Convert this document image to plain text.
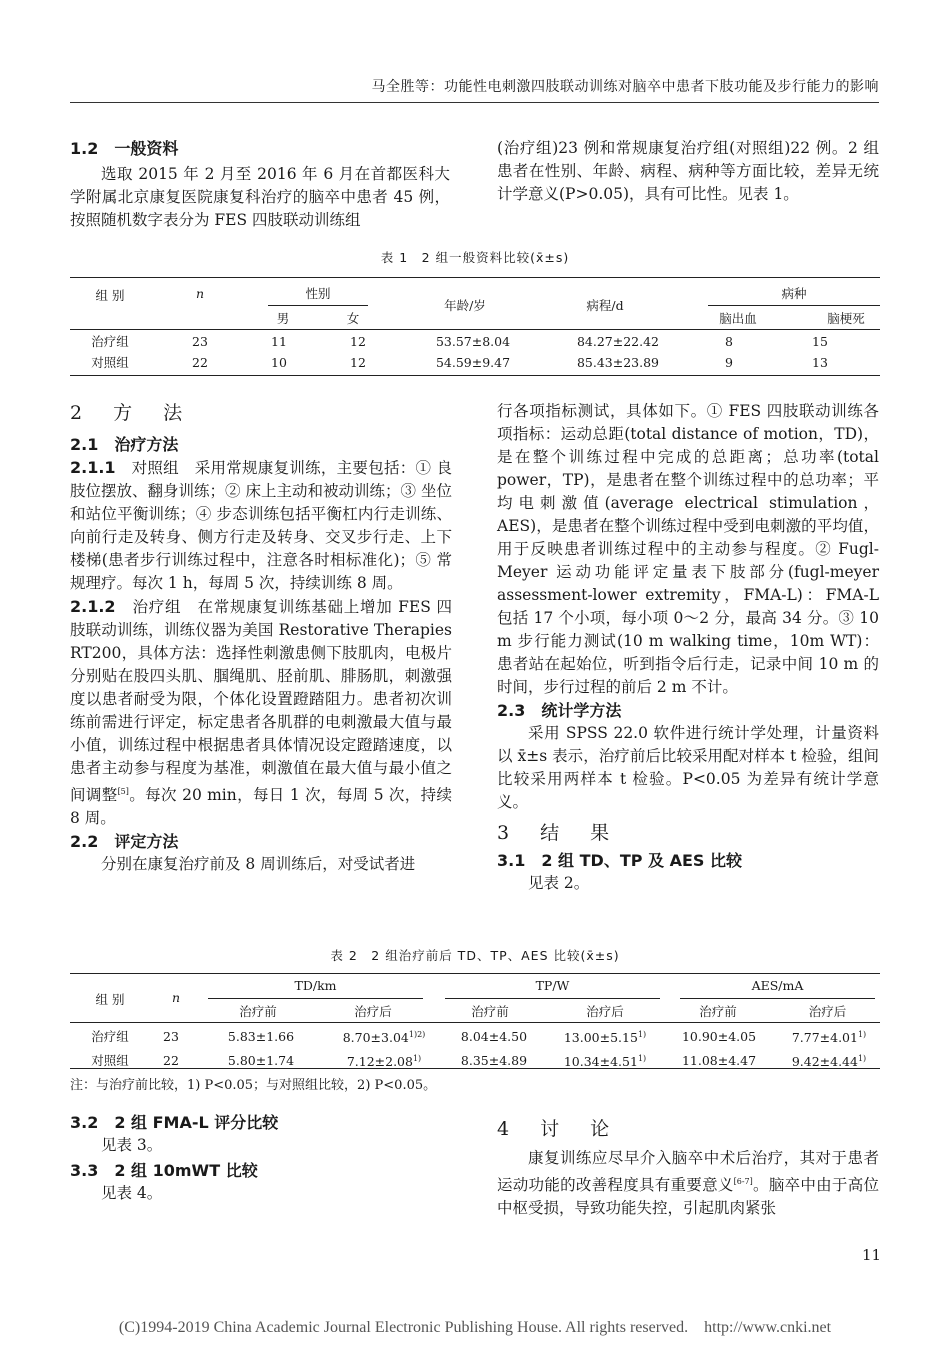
马全胜等：功能性电刺激四肢联动训练对脑卒中患者下肢功能及步行能力的影响

1.2　一般资料

选取 2015 年 2 月至 2016 年 6 月在首都医科大学附属北京康复医院康复科治疗的脑卒中患者 45 例，按照随机数字表分为 FES 四肢联动训练组

(治疗组)23 例和常规康复治疗组(对照组)22 例。2 组患者在性别、年龄、病程、病种等方面比较，差异无统计学意义(P>0.05)，具有可比性。见表 1。

表 1　2 组一般资料比较(x̄±s)
组 别	n	性别
男	女
年龄/岁	病程/d
病种
脑出血	脑梗死
治疗组	23	11	12	53.57±8.04	84.27±22.42	8	15
对照组	22	10	12	54.59±9.47	85.43±23.89	9	13

2　方　法

2.1　治疗方法

2.1.1　对照组　采用常规康复训练，主要包括：① 良肢位摆放、翻身训练；② 床上主动和被动训练；③ 坐位和站位平衡训练；④ 步态训练包括平衡杠内行走训练、向前行走及转身、侧方行走及转身、交叉步行走、上下楼梯(患者步行训练过程中，注意各时相标准化)；⑤ 常规理疗。每次 1 h，每周 5 次，持续训练 8 周。

2.1.2　治疗组　在常规康复训练基础上增加 FES 四肢联动训练，训练仪器为美国 Restorative Therapies RT200，具体方法：选择性刺激患侧下肢肌肉，电极片分别贴在股四头肌、腘绳肌、胫前肌、腓肠肌，刺激强度以患者耐受为限，个体化设置蹬踏阻力。患者初次训练前需进行评定，标定患者各肌群的电刺激最大值与最小值，训练过程中根据患者具体情况设定蹬踏速度，以患者主动参与程度为基准，刺激值在最大值与最小值之间调整[5]。每次 20 min，每日 1 次，每周 5 次，持续 8 周。

2.2　评定方法

分别在康复治疗前及 8 周训练后，对受试者进

行各项指标测试，具体如下。① FES 四肢联动训练各项指标：运动总距(total distance of motion，TD)，是在整个训练过程中完成的总距离；总功率(total power，TP)，是患者在整个训练过程中的总功率；平均电刺激值(average electrical stimulation，AES)，是患者在整个训练过程中受到电刺激的平均值，用于反映患者训练过程中的主动参与程度。② Fugl-Meyer 运动功能评定量表下肢部分(fugl-meyer assessment-lower extremity，FMA-L)：FMA-L 包括 17 个小项，每小项 0～2 分，最高 34 分。③ 10 m 步行能力测试(10 m walking time，10m WT)：患者站在起始位，听到指令后行走，记录中间 10 m 的时间，步行过程的前后 2 m 不计。

2.3　统计学方法

采用 SPSS 22.0 软件进行统计学处理，计量资料以 x̄±s 表示，治疗前后比较采用配对样本 t 检验，组间比较采用两样本 t 检验。P<0.05 为差异有统计学意义。

3　结　果

3.1　2 组 TD、TP 及 AES 比较

见表 2。

表 2　2 组治疗前后 TD、TP、AES 比较(x̄±s)
组 别	n
TD/km	TP/W	AES/mA
治疗前	治疗后	治疗前	治疗后	治疗前	治疗后
治疗组	23	5.83±1.66	$8.70\pm 3.04^{1)2)}$	8.04±4.50	$13.00\pm 5.15^{1)}$	10.90±4.05	$7.77\pm 4.01^{1)}$
对照组	22	5.80±1.74	$7.12\pm 2.08^{1)}$	8.35±4.89	$10.34\pm 4.51^{1)}$	11.08±4.47	$9.42\pm 4.44^{1)}$
注：与治疗前比较，1) P<0.05；与对照组比较，2) P<0.05。

3.2　2 组 FMA-L 评分比较

见表 3。

3.3　2 组 10mWT 比较

见表 4。

4　讨　论

康复训练应尽早介入脑卒中术后治疗，其对于患者运动功能的改善程度具有重要意义[6-7]。脑卒中由于高位中枢受损，导致功能失控，引起肌肉紧张

11
(C)1994-2019 China Academic Journal Electronic Publishing House. All rights reserved.　http://www.cnki.net
